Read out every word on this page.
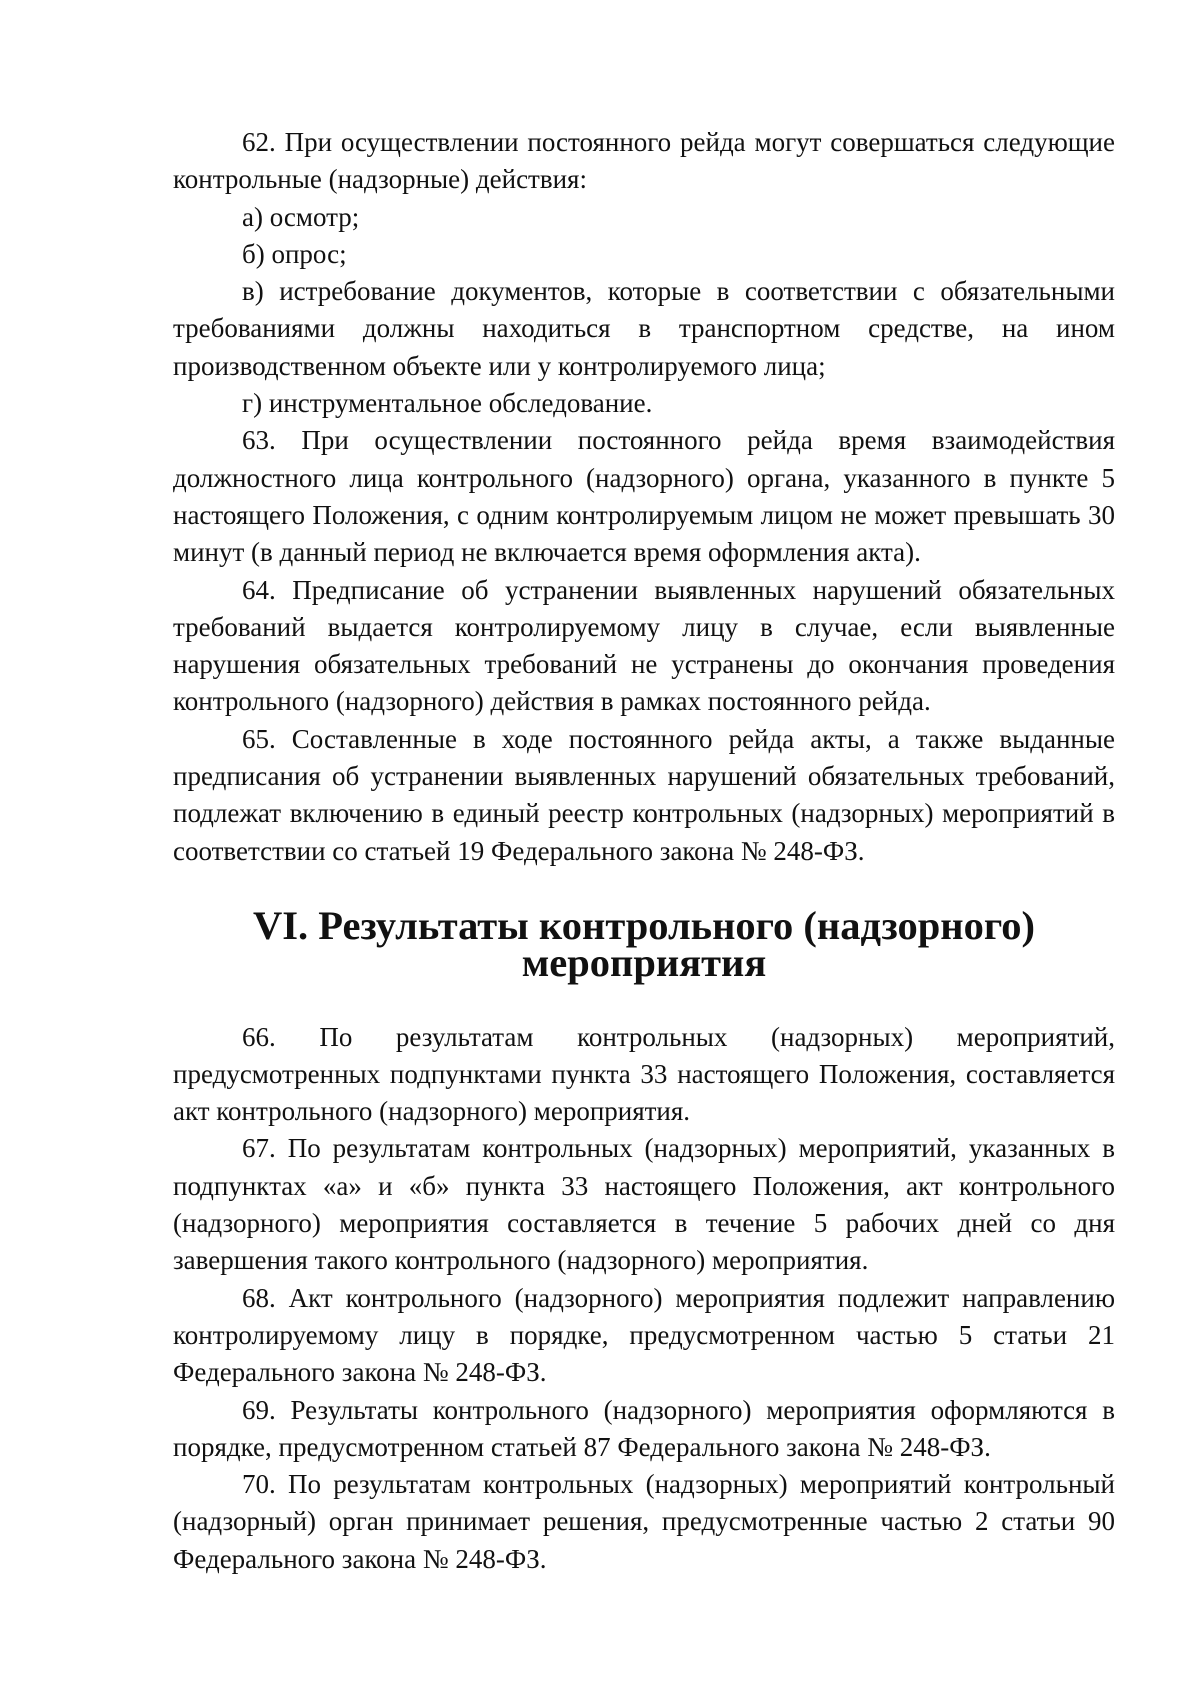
62. При осуществлении постоянного рейда могут совершаться следующие контрольные (надзорные) действия:

а) осмотр;

б) опрос;

в) истребование документов, которые в соответствии с обязательными требованиями должны находиться в транспортном средстве, на ином производственном объекте или у контролируемого лица;

г) инструментальное обследование.

63. При осуществлении постоянного рейда время взаимодействия должностного лица контрольного (надзорного) органа, указанного в пункте 5 настоящего Положения, с одним контролируемым лицом не может превышать 30 минут (в данный период не включается время оформления акта).

64. Предписание об устранении выявленных нарушений обязательных требований выдается контролируемому лицу в случае, если выявленные нарушения обязательных требований не устранены до окончания проведения контрольного (надзорного) действия в рамках постоянного рейда.

65. Составленные в ходе постоянного рейда акты, а также выданные предписания об устранении выявленных нарушений обязательных требований, подлежат включению в единый реестр контрольных (надзорных) мероприятий в соответствии со статьей 19 Федерального закона № 248-ФЗ.

VI. Результаты контрольного (надзорного) мероприятия

66. По результатам контрольных (надзорных) мероприятий, предусмотренных подпунктами пункта 33 настоящего Положения, составляется акт контрольного (надзорного) мероприятия.

67. По результатам контрольных (надзорных) мероприятий, указанных в подпунктах «а» и «б» пункта 33 настоящего Положения, акт контрольного (надзорного) мероприятия составляется в течение 5 рабочих дней со дня завершения такого контрольного (надзорного) мероприятия.

68. Акт контрольного (надзорного) мероприятия подлежит направлению контролируемому лицу в порядке, предусмотренном частью 5 статьи 21 Федерального закона № 248-ФЗ.

69. Результаты контрольного (надзорного) мероприятия оформляются в порядке, предусмотренном статьей 87 Федерального закона № 248-ФЗ.

70. По результатам контрольных (надзорных) мероприятий контрольный (надзорный) орган принимает решения, предусмотренные частью 2 статьи 90 Федерального закона № 248-ФЗ.
